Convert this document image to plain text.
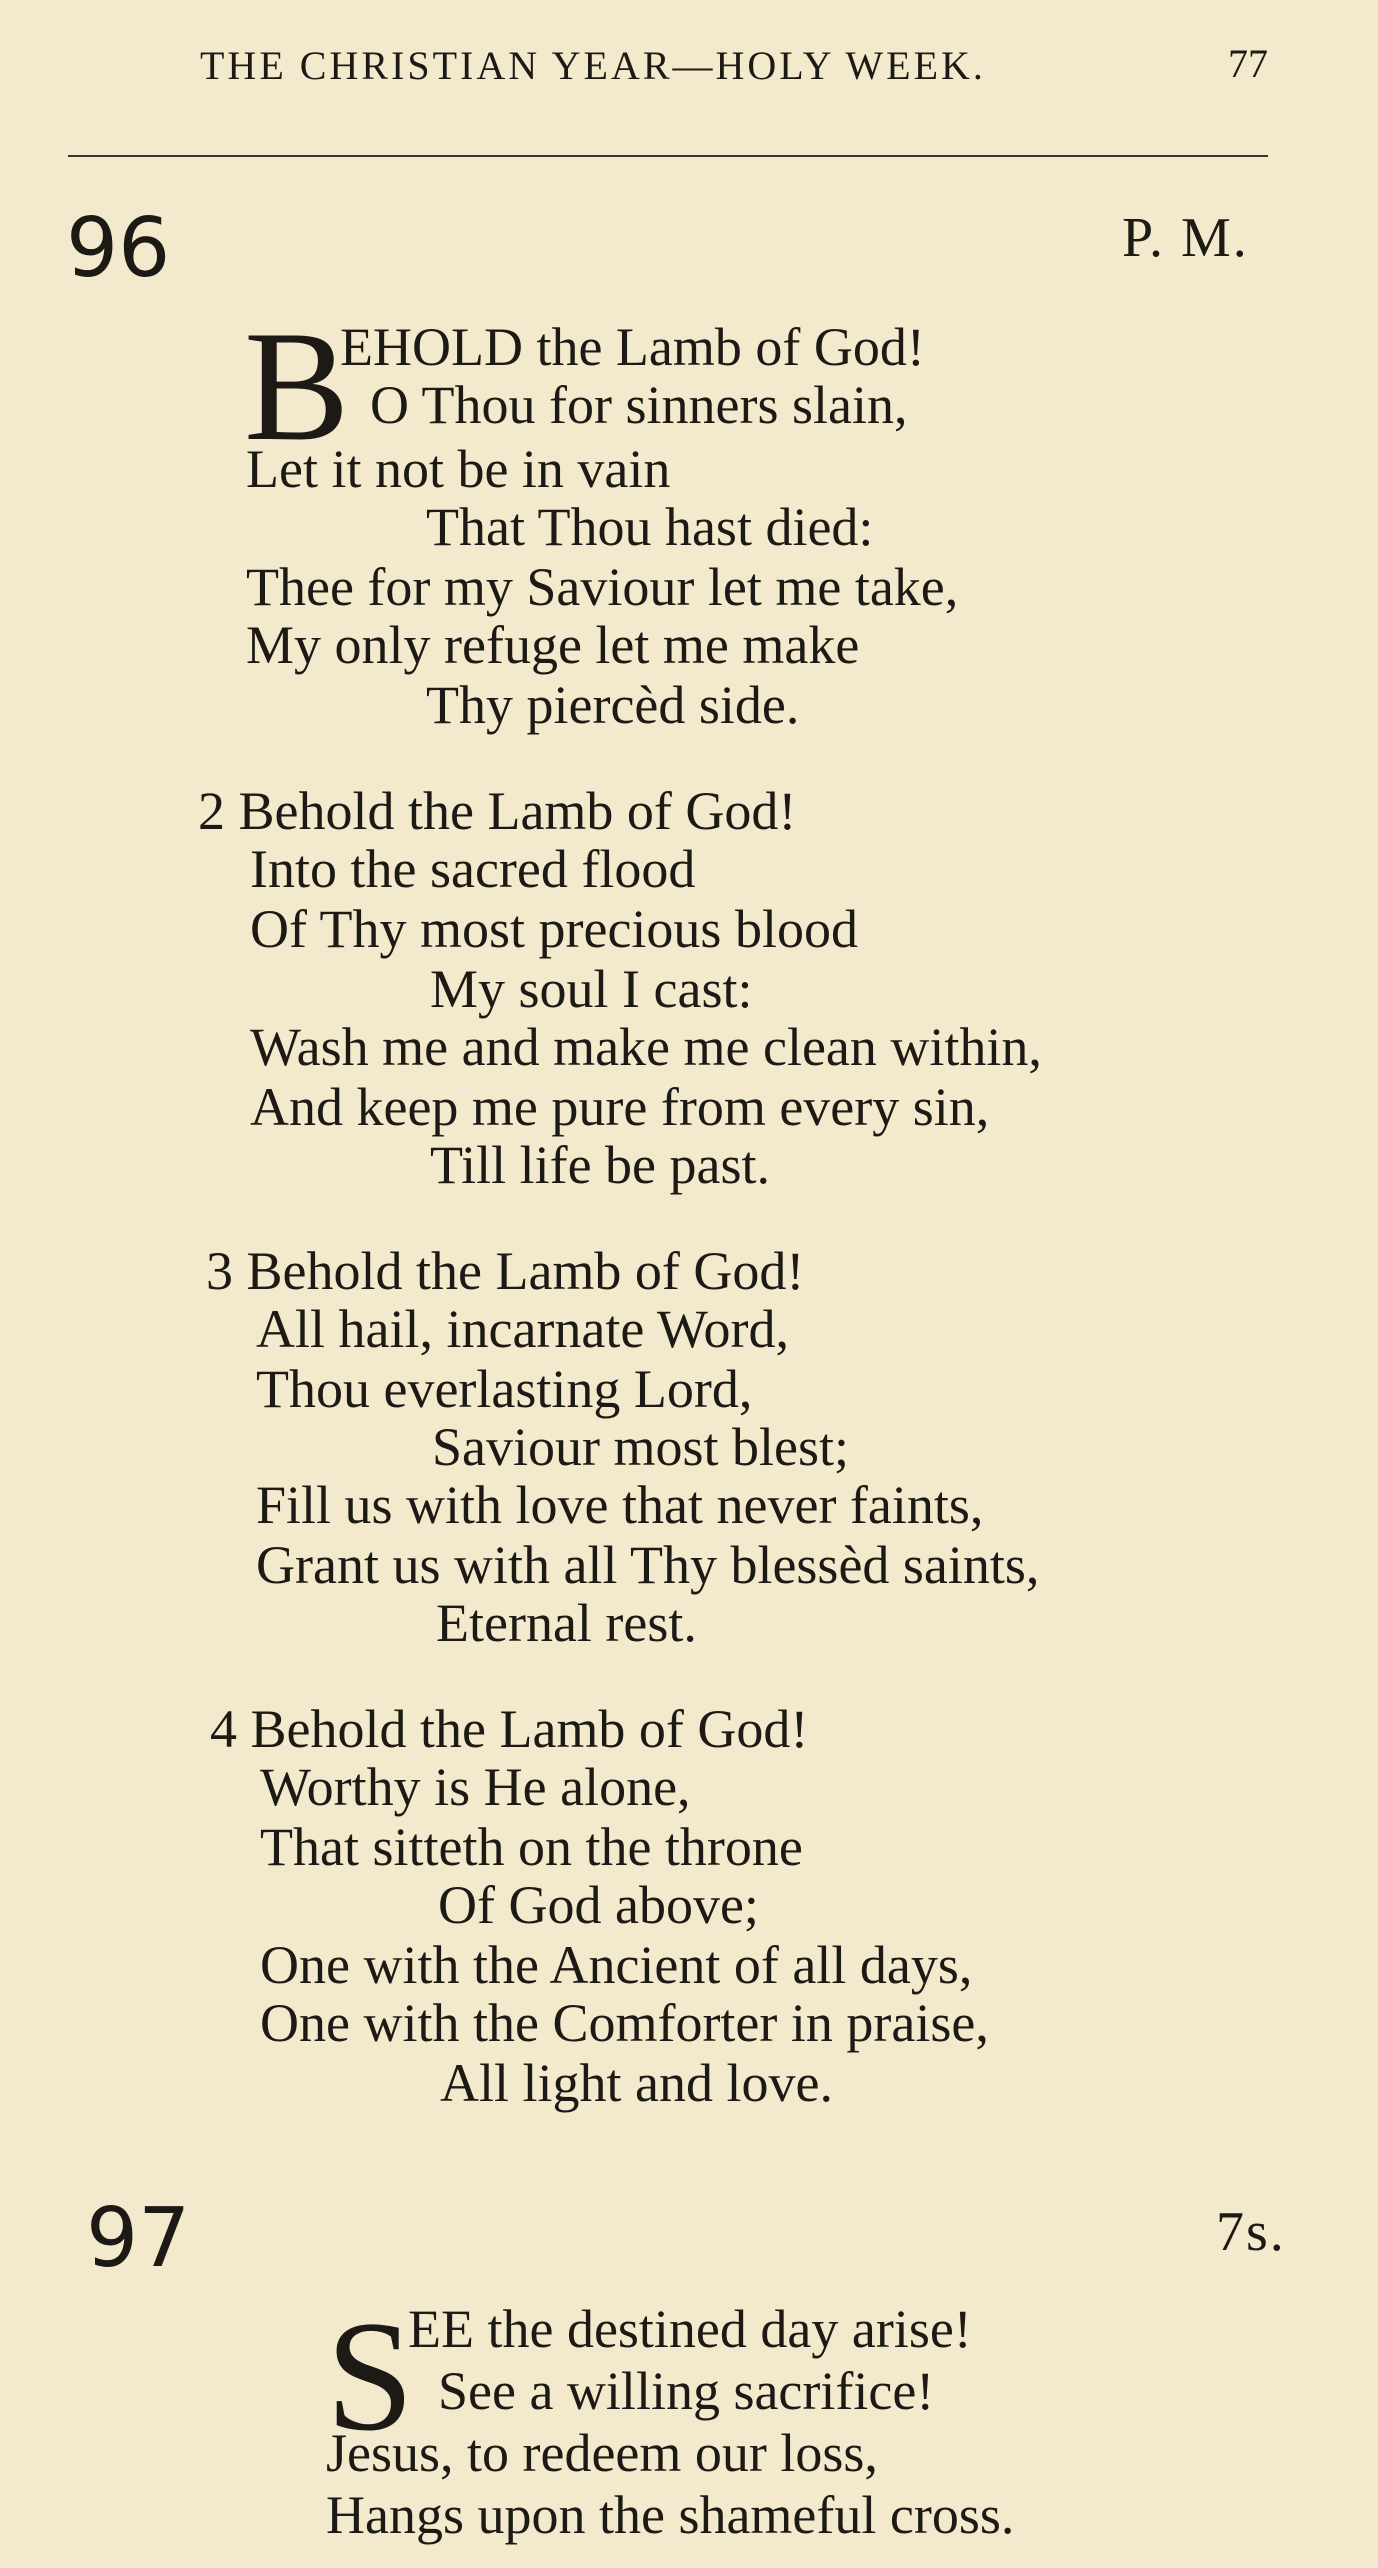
THE CHRISTIAN YEAR—HOLY WEEK.	77
96	P. M.
B
EHOLD the Lamb of God!
O Thou for sinners slain,
Let it not be in vain
That Thou hast died:
Thee for my Saviour let me take,
My only refuge let me make
Thy piercèd side.
2 Behold the Lamb of God!
Into the sacred flood
Of Thy most precious blood
My soul I cast:
Wash me and make me clean within,
And keep me pure from every sin,
Till life be past.
3 Behold the Lamb of God!
All hail, incarnate Word,
Thou everlasting Lord,
Saviour most blest;
Fill us with love that never faints,
Grant us with all Thy blessèd saints,
Eternal rest.
4 Behold the Lamb of God!
Worthy is He alone,
That sitteth on the throne
Of God above;
One with the Ancient of all days,
One with the Comforter in praise,
All light and love.
97	7s.
S
EE the destined day arise!
See a willing sacrifice!
Jesus, to redeem our loss,
Hangs upon the shameful cross.
